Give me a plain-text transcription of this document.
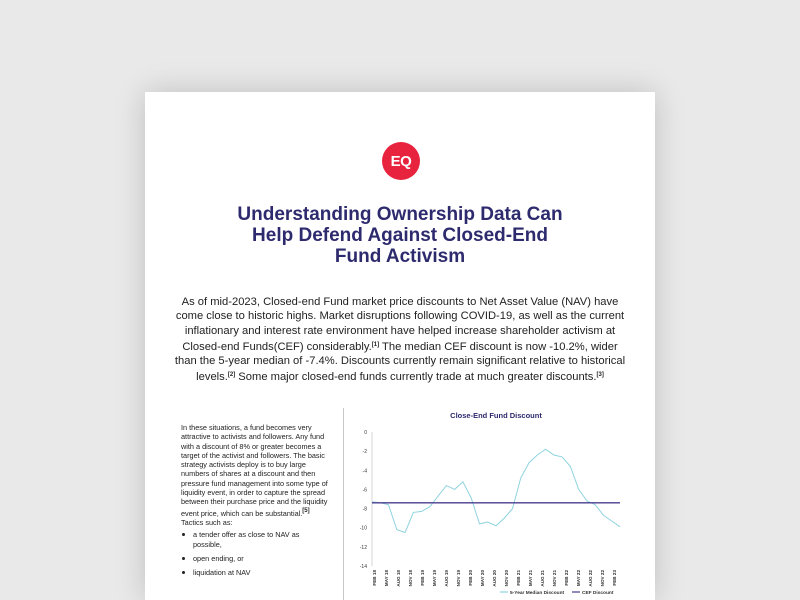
EQ
Understanding Ownership Data Can
Help Defend Against Closed-End
Fund Activism
As of mid-2023, Closed-end Fund market price discounts to Net Asset Value (NAV) have come close to historic highs. Market disruptions following COVID-19, as well as the current inflationary and interest rate environment have helped increase shareholder activism at Closed-end Funds(CEF) considerably.[1] The median CEF discount is now -10.2%, wider than the 5-year median of -7.4%. Discounts currently remain significant relative to historical levels.[2] Some major closed-end funds currently trade at much greater discounts.[3]
In these situations, a fund becomes very attractive to activists and followers. Any fund with a discount of 8% or greater becomes a target of the activist and followers. The basic strategy activists deploy is to buy large numbers of shares at a discount and then pressure fund management into some type of liquidity event, in order to capture the spread between their purchase price and the liquidity event price, which can be substantial.[5]
Tactics such as:
a tender offer as close to NAV as possible,
open ending, or
liquidation at NAV
Close-End Fund Discount
0
-2
-4
-6
-8
-10
-12
-14
FEB 18 MAY 18 AUG 18 NOV 18 FEB 19 MAY 19 AUG 19 NOV 19 FEB 20 MAY 20 AUG 20 NOV 20 FEB 21 MAY 21 AUG 21 NOV 21 FEB 22 MAY 22 AUG 22 NOV 22 FEB 23
5-Year Median Discount	CEF Discount
